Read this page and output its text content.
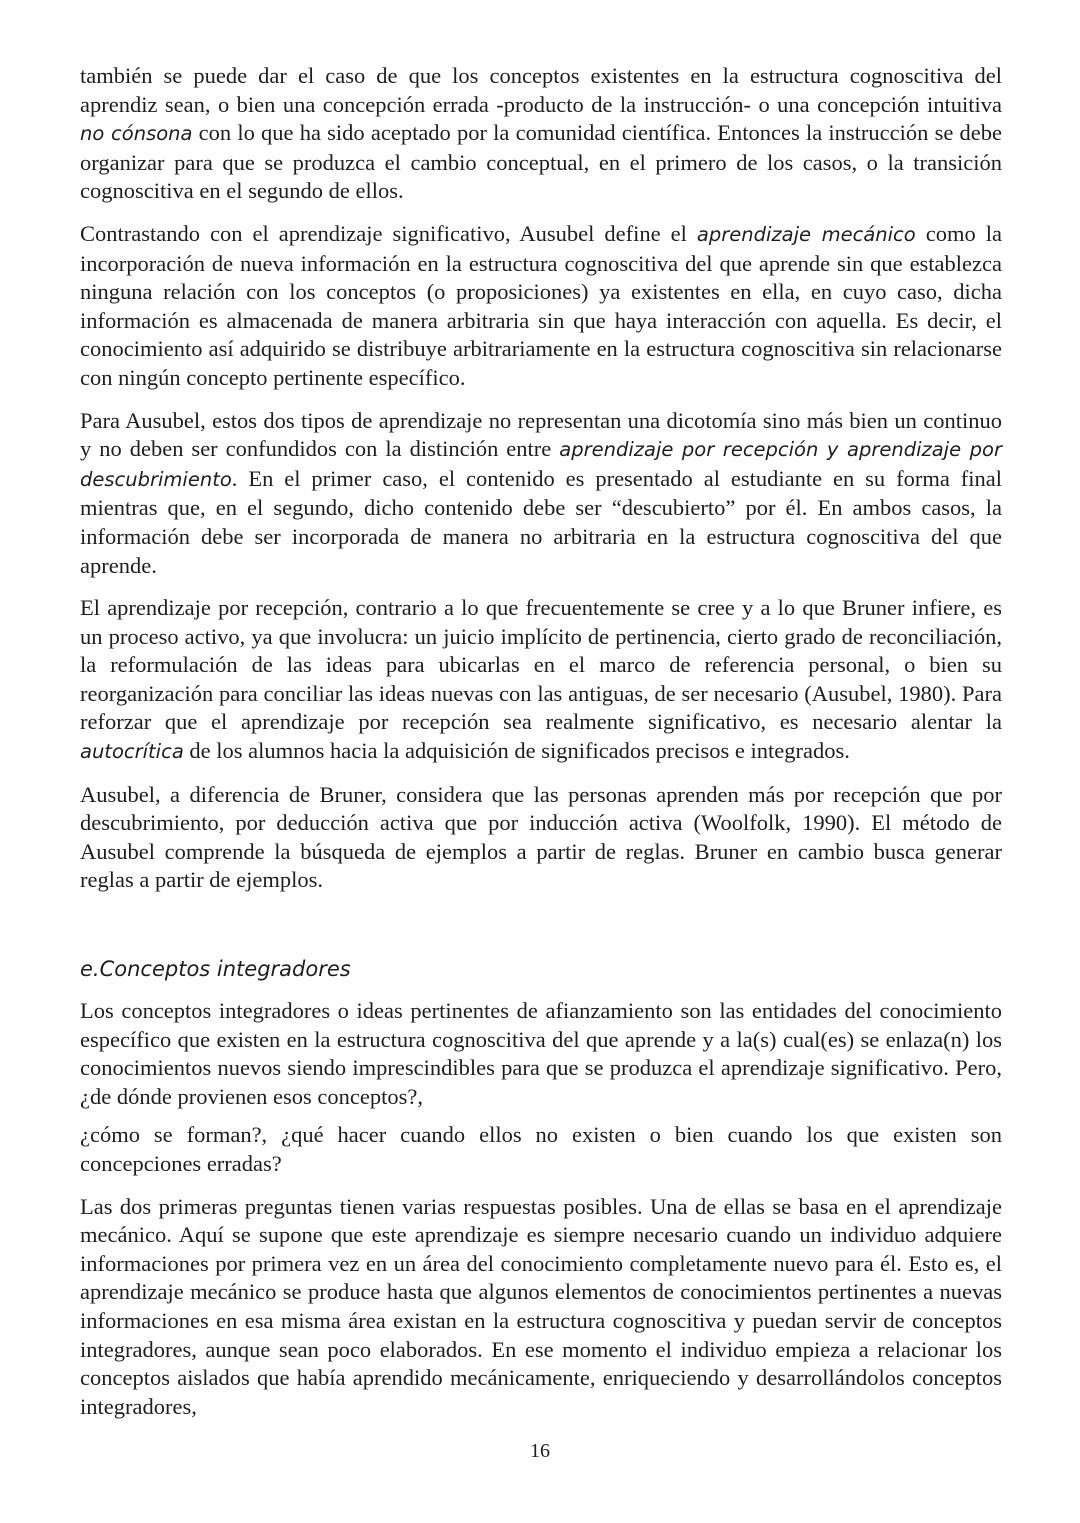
también se puede dar el caso de que los conceptos existentes en la estructura cognoscitiva del aprendiz sean, o bien una concepción errada -producto de la instrucción- o una concepción intuitiva no cónsona con lo que ha sido aceptado por la comunidad científica. Entonces la instrucción se debe organizar para que se produzca el cambio conceptual, en el primero de los casos, o la transición cognoscitiva en el segundo de ellos.

Contrastando con el aprendizaje significativo, Ausubel define el aprendizaje mecánico como la incorporación de nueva información en la estructura cognoscitiva del que aprende sin que establezca ninguna relación con los conceptos (o proposiciones) ya existentes en ella, en cuyo caso, dicha información es almacenada de manera arbitraria sin que haya interacción con aquella. Es decir, el conocimiento así adquirido se distribuye arbitrariamente en la estructura cognoscitiva sin relacionarse con ningún concepto pertinente específico.

Para Ausubel, estos dos tipos de aprendizaje no representan una dicotomía sino más bien un continuo y no deben ser confundidos con la distinción entre aprendizaje por recepción y aprendizaje por descubrimiento. En el primer caso, el contenido es presentado al estudiante en su forma final mientras que, en el segundo, dicho contenido debe ser “descubierto” por él. En ambos casos, la información debe ser incorporada de manera no arbitraria en la estructura cognoscitiva del que aprende.

El aprendizaje por recepción, contrario a lo que frecuentemente se cree y a lo que Bruner infiere, es un proceso activo, ya que involucra: un juicio implícito de pertinencia, cierto grado de reconciliación, la reformulación de las ideas para ubicarlas en el marco de referencia personal, o bien su reorganización para conciliar las ideas nuevas con las antiguas, de ser necesario (Ausubel, 1980). Para reforzar que el aprendizaje por recepción sea realmente significativo, es necesario alentar la autocrítica de los alumnos hacia la adquisición de significados precisos e integrados.

Ausubel, a diferencia de Bruner, considera que las personas aprenden más por recepción que por descubrimiento, por deducción activa que por inducción activa (Woolfolk, 1990). El método de Ausubel comprende la búsqueda de ejemplos a partir de reglas. Bruner en cambio busca generar reglas a partir de ejemplos.

e.Conceptos integradores

Los conceptos integradores o ideas pertinentes de afianzamiento son las entidades del conocimiento específico que existen en la estructura cognoscitiva del que aprende y a la(s) cual(es) se enlaza(n) los conocimientos nuevos siendo imprescindibles para que se produzca el aprendizaje significativo. Pero, ¿de dónde provienen esos conceptos?,

¿cómo se forman?, ¿qué hacer cuando ellos no existen o bien cuando los que existen son concepciones erradas?

Las dos primeras preguntas tienen varias respuestas posibles. Una de ellas se basa en el aprendizaje mecánico. Aquí se supone que este aprendizaje es siempre necesario cuando un individuo adquiere informaciones por primera vez en un área del conocimiento completamente nuevo para él. Esto es, el aprendizaje mecánico se produce hasta que algunos elementos de conocimientos pertinentes a nuevas informaciones en esa misma área existan en la estructura cognoscitiva y puedan servir de conceptos integradores, aunque sean poco elaborados. En ese momento el individuo empieza a relacionar los conceptos aislados que había aprendido mecánicamente, enriqueciendo y desarrollándolos conceptos integradores,

16
